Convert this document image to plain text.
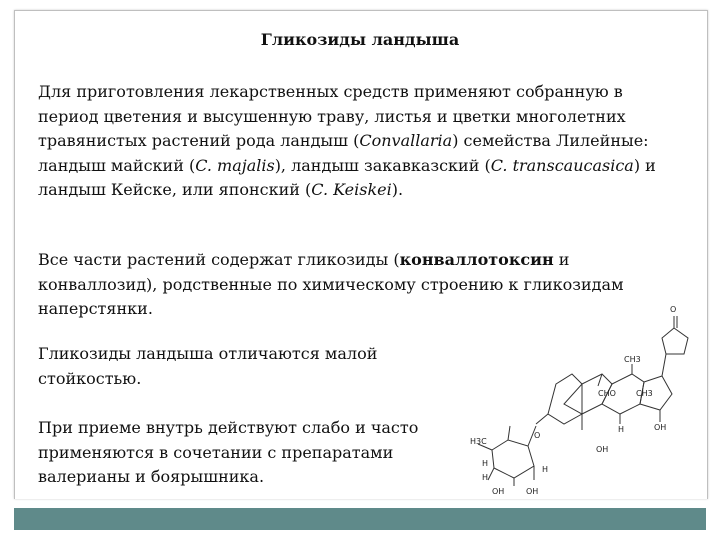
Гликозиды ландыша
Для приготовления лекарственных средств применяют собранную в период цветения и высушенную траву, листья и цветки многолетних травянистых растений рода ландыш (Convallaria) семейства Лилейные: ландыш майский (C. majalis), ландыш закавказский (C. transcaucasica) и ландыш Кейске, или японский (C. Keiskei).
Все части растений содержат гликозиды (конваллотоксин и конваллозид), родственные по химическому строению к гликозидам наперстянки.
Гликозиды ландыша отличаются малой стойкостью.
При приеме внутрь действуют слабо и часто применяются в сочетании с препаратами валерианы и боярышника.
O
CH3
CHO	CH3
H	OH
OH
H3C
H
H
OH	OH
O
H
